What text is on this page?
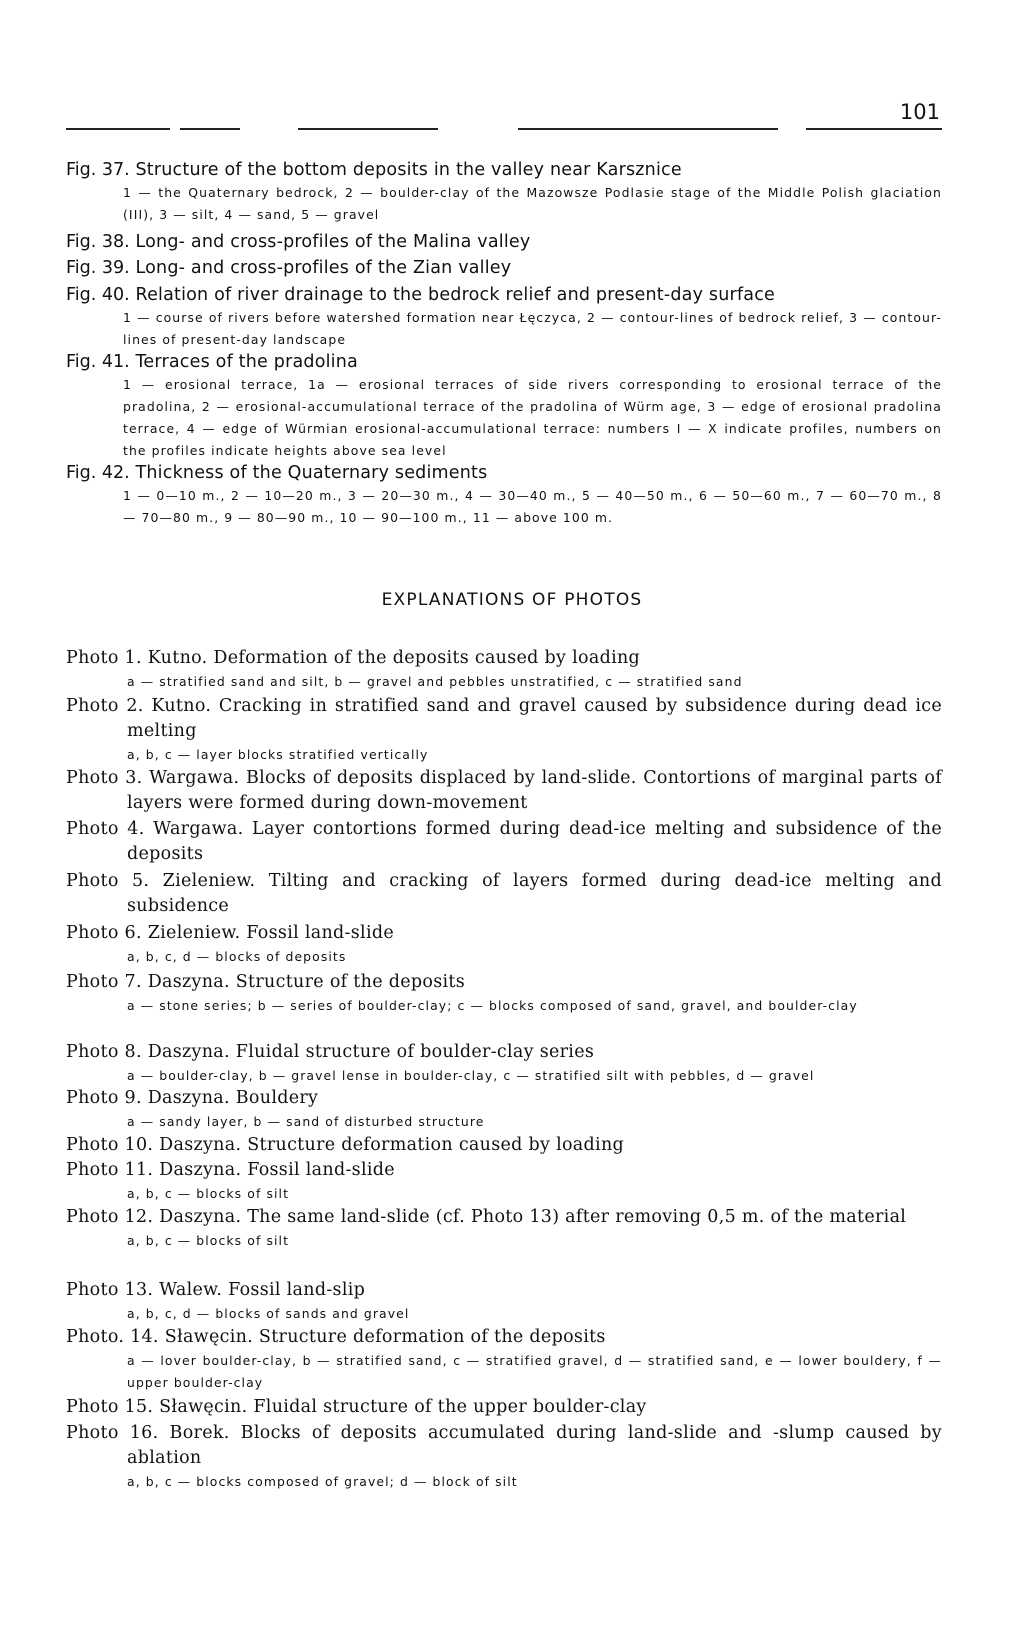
101

Fig. 37. Structure of the bottom deposits in the valley near Karsznice

1 — the Quaternary bedrock, 2 — boulder-clay of the Mazowsze Podlasie stage of the Middle Polish glaciation (III), 3 — silt, 4 — sand, 5 — gravel

Fig. 38. Long- and cross-profiles of the Malina valley

Fig. 39. Long- and cross-profiles of the Zian valley

Fig. 40. Relation of river drainage to the bedrock relief and present-day surface

1 — course of rivers before watershed formation near Łęczyca, 2 — contour-lines of bedrock relief, 3 — contour-lines of present-day landscape

Fig. 41. Terraces of the pradolina

1 — erosional terrace, 1a — erosional terraces of side rivers corresponding to erosional terrace of the pradolina, 2 — erosional-accumulational terrace of the pradolina of Würm age, 3 — edge of erosional pradolina terrace, 4 — edge of Würmian erosional-accumulational terrace: numbers I — X indicate profiles, numbers on the profiles indicate heights above sea level

Fig. 42. Thickness of the Quaternary sediments

1 — 0—10 m., 2 — 10—20 m., 3 — 20—30 m., 4 — 30—40 m., 5 — 40—50 m., 6 — 50—60 m., 7 — 60—70 m., 8 — 70—80 m., 9 — 80—90 m., 10 — 90—100 m., 11 — above 100 m.

EXPLANATIONS OF PHOTOS

Photo 1. Kutno. Deformation of the deposits caused by loading

a — stratified sand and silt, b — gravel and pebbles unstratified, c — stratified sand

Photo 2. Kutno. Cracking in stratified sand and gravel caused by subsidence during dead ice melting

a, b, c — layer blocks stratified vertically

Photo 3. Wargawa. Blocks of deposits displaced by land-slide. Contortions of marginal parts of layers were formed during down-movement

Photo 4. Wargawa. Layer contortions formed during dead-ice melting and subsidence of the deposits

Photo 5. Zieleniew. Tilting and cracking of layers formed during dead-ice melting and subsidence

Photo 6. Zieleniew. Fossil land-slide

a, b, c, d — blocks of deposits

Photo 7. Daszyna. Structure of the deposits

a — stone series; b — series of boulder-clay; c — blocks composed of sand, gravel, and boulder-clay

Photo 8. Daszyna. Fluidal structure of boulder-clay series

a — boulder-clay, b — gravel lense in boulder-clay, c — stratified silt with pebbles, d — gravel

Photo 9. Daszyna. Bouldery

a — sandy layer, b — sand of disturbed structure

Photo 10. Daszyna. Structure deformation caused by loading

Photo 11. Daszyna. Fossil land-slide

a, b, c — blocks of silt

Photo 12. Daszyna. The same land-slide (cf. Photo 13) after removing 0,5 m. of the material

a, b, c — blocks of silt

Photo 13. Walew. Fossil land-slip

a, b, c, d — blocks of sands and gravel

Photo. 14. Sławęcin. Structure deformation of the deposits

a — lover boulder-clay, b — stratified sand, c — stratified gravel, d — stratified sand, e — lower bouldery, f — upper boulder-clay

Photo 15. Sławęcin. Fluidal structure of the upper boulder-clay

Photo 16. Borek. Blocks of deposits accumulated during land-slide and -slump caused by ablation

a, b, c — blocks composed of gravel; d — block of silt
